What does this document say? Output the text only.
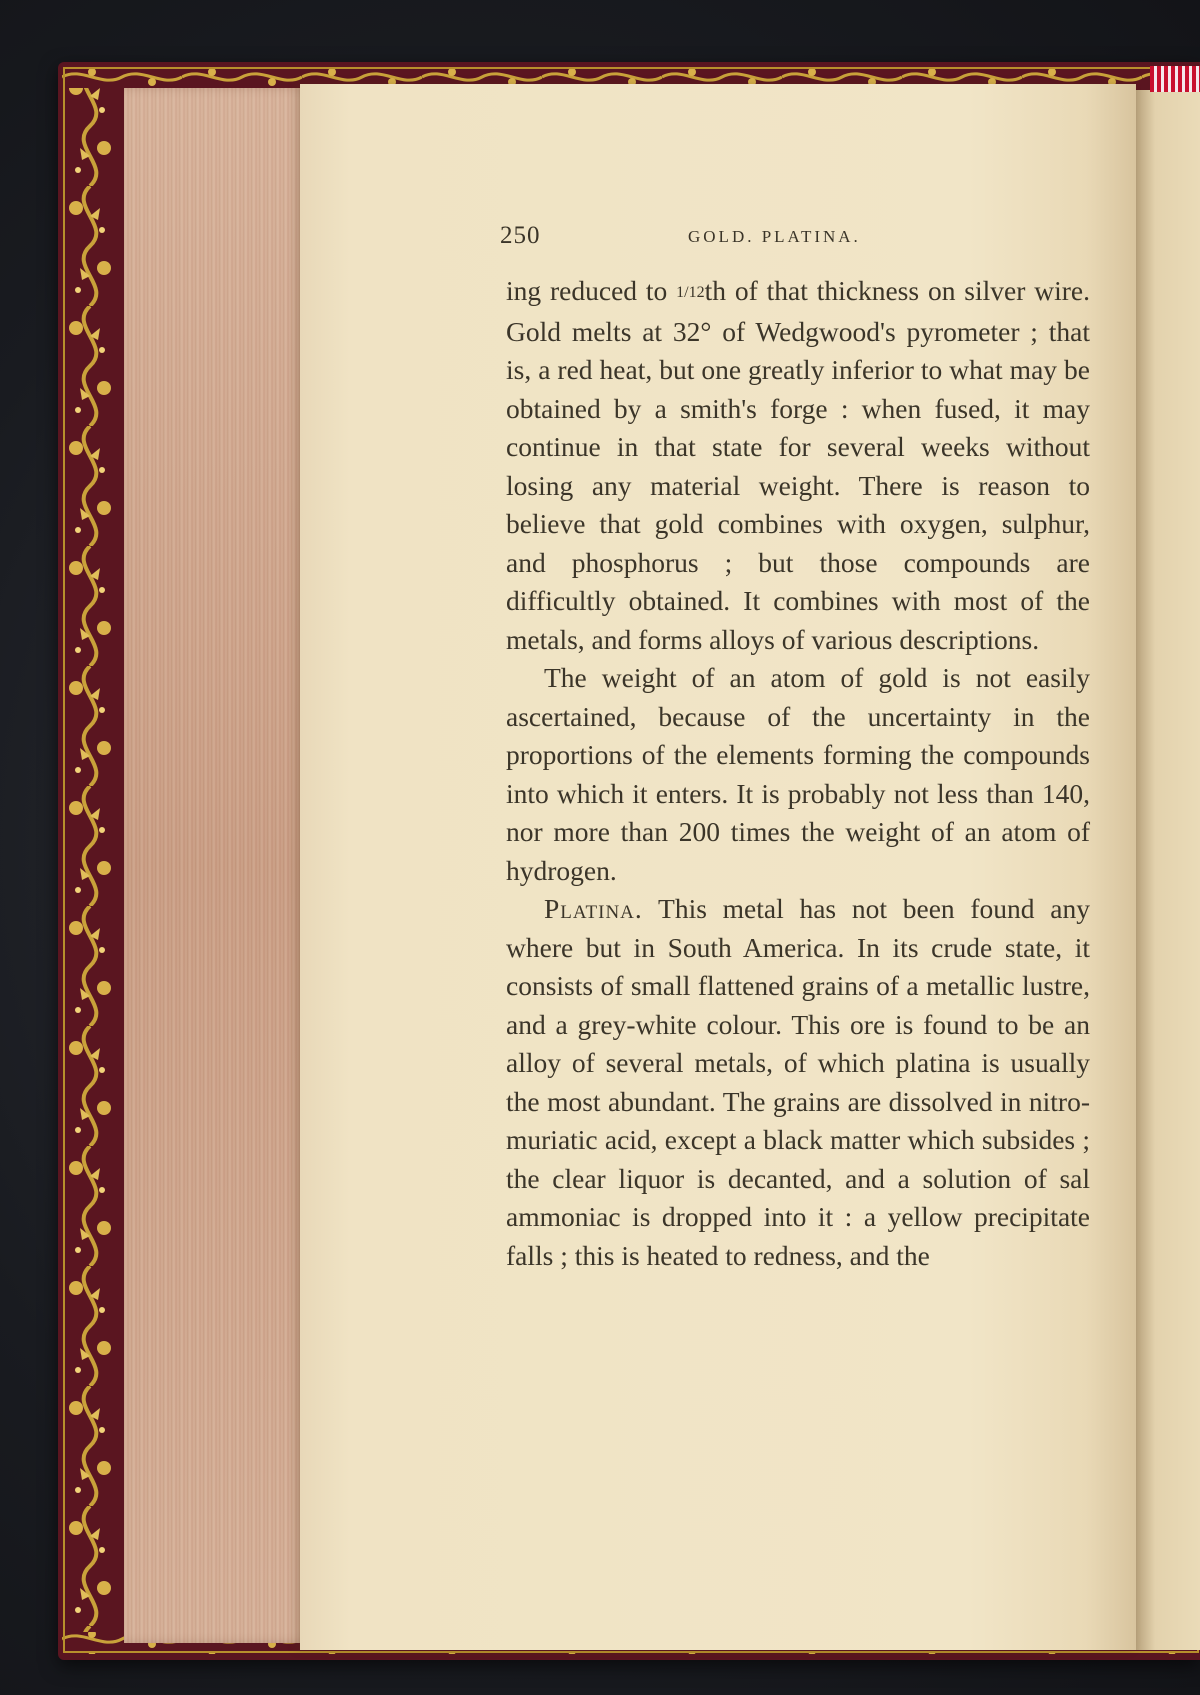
250	GOLD. PLATINA.

ing reduced to $^{1/12}$th of that thickness on silver wire. Gold melts at 32° of Wedgwood's pyrometer ; that is, a red heat, but one greatly inferior to what may be obtained by a smith's forge : when fused, it may continue in that state for several weeks without losing any material weight. There is reason to believe that gold combines with oxygen, sulphur, and phosphorus ; but those compounds are difficultly obtained. It combines with most of the metals, and forms alloys of various descriptions.

The weight of an atom of gold is not easily ascertained, because of the uncertainty in the proportions of the elements forming the compounds into which it enters. It is probably not less than 140, nor more than 200 times the weight of an atom of hydrogen.

Platina. This metal has not been found any where but in South America. In its crude state, it consists of small flattened grains of a metallic lustre, and a grey-white colour. This ore is found to be an alloy of several metals, of which platina is usually the most abundant. The grains are dissolved in nitro-muriatic acid, except a black matter which subsides ; the clear liquor is decanted, and a solution of sal ammoniac is dropped into it : a yellow precipitate falls ; this is heated to redness, and the
